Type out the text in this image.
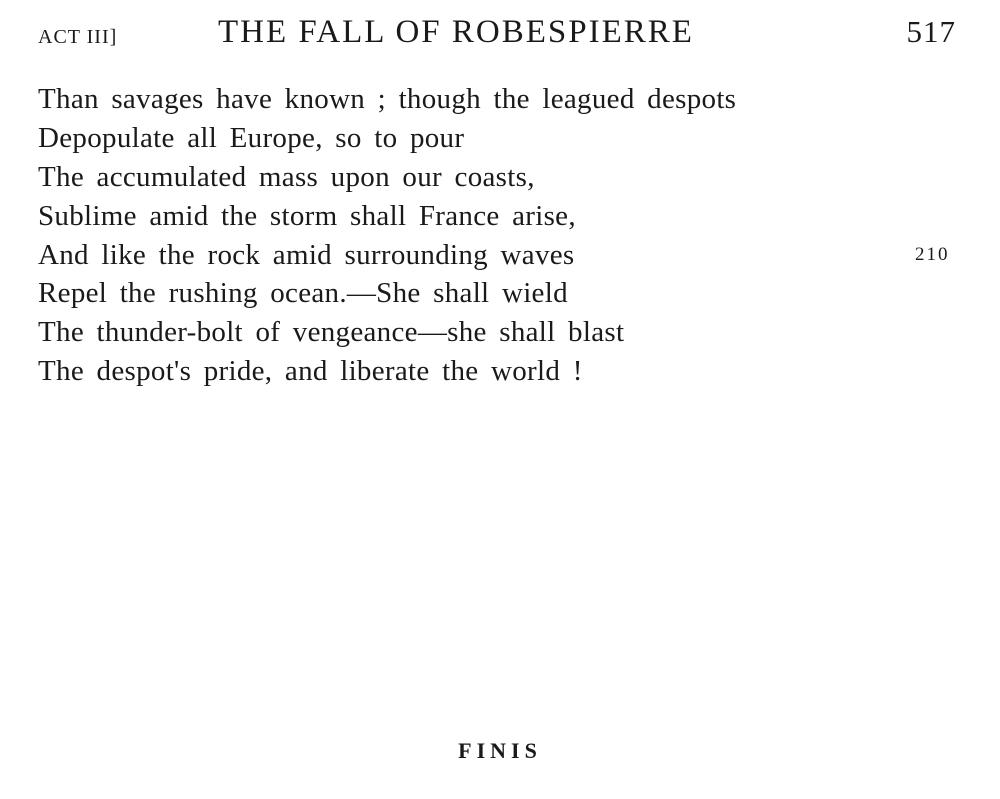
ACT III]	THE FALL OF ROBESPIERRE	517
Than savages have known ; though the leagued despots
Depopulate all Europe, so to pour
The accumulated mass upon our coasts,
Sublime amid the storm shall France arise,
And like the rock amid surrounding waves	210
Repel the rushing ocean.—She shall wield
The thunder-bolt of vengeance—she shall blast
The despot's pride, and liberate the world !
FINIS
